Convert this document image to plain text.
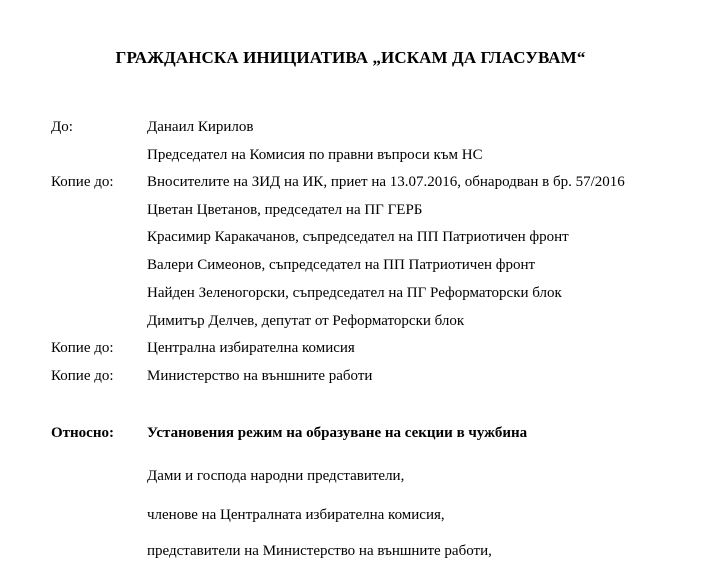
ГРАЖДАНСКА ИНИЦИАТИВА „ИСКАМ ДА ГЛАСУВАМ“
До:	Данаил Кирилов
Председател на Комисия по правни въпроси към НС
Копие до: Вносителите на ЗИД на ИК, приет на 13.07.2016, обнародван в бр. 57/2016
Цветан Цветанов, председател на ПГ ГЕРБ
Красимир Каракачанов, съпредседател на ПП Патриотичен фронт
Валери Симеонов, съпредседател на ПП Патриотичен фронт
Найден Зеленогорски, съпредседател на ПГ Реформаторски блок
Димитър Делчев, депутат от Реформаторски блок
Копие до: Централна избирателна комисия
Копие до: Министерство на външните работи
Относно: Установения режим на образуване на секции в чужбина
Дами и господа народни представители,
членове на Централната избирателна комисия,
представители на Министерство на външните работи,
